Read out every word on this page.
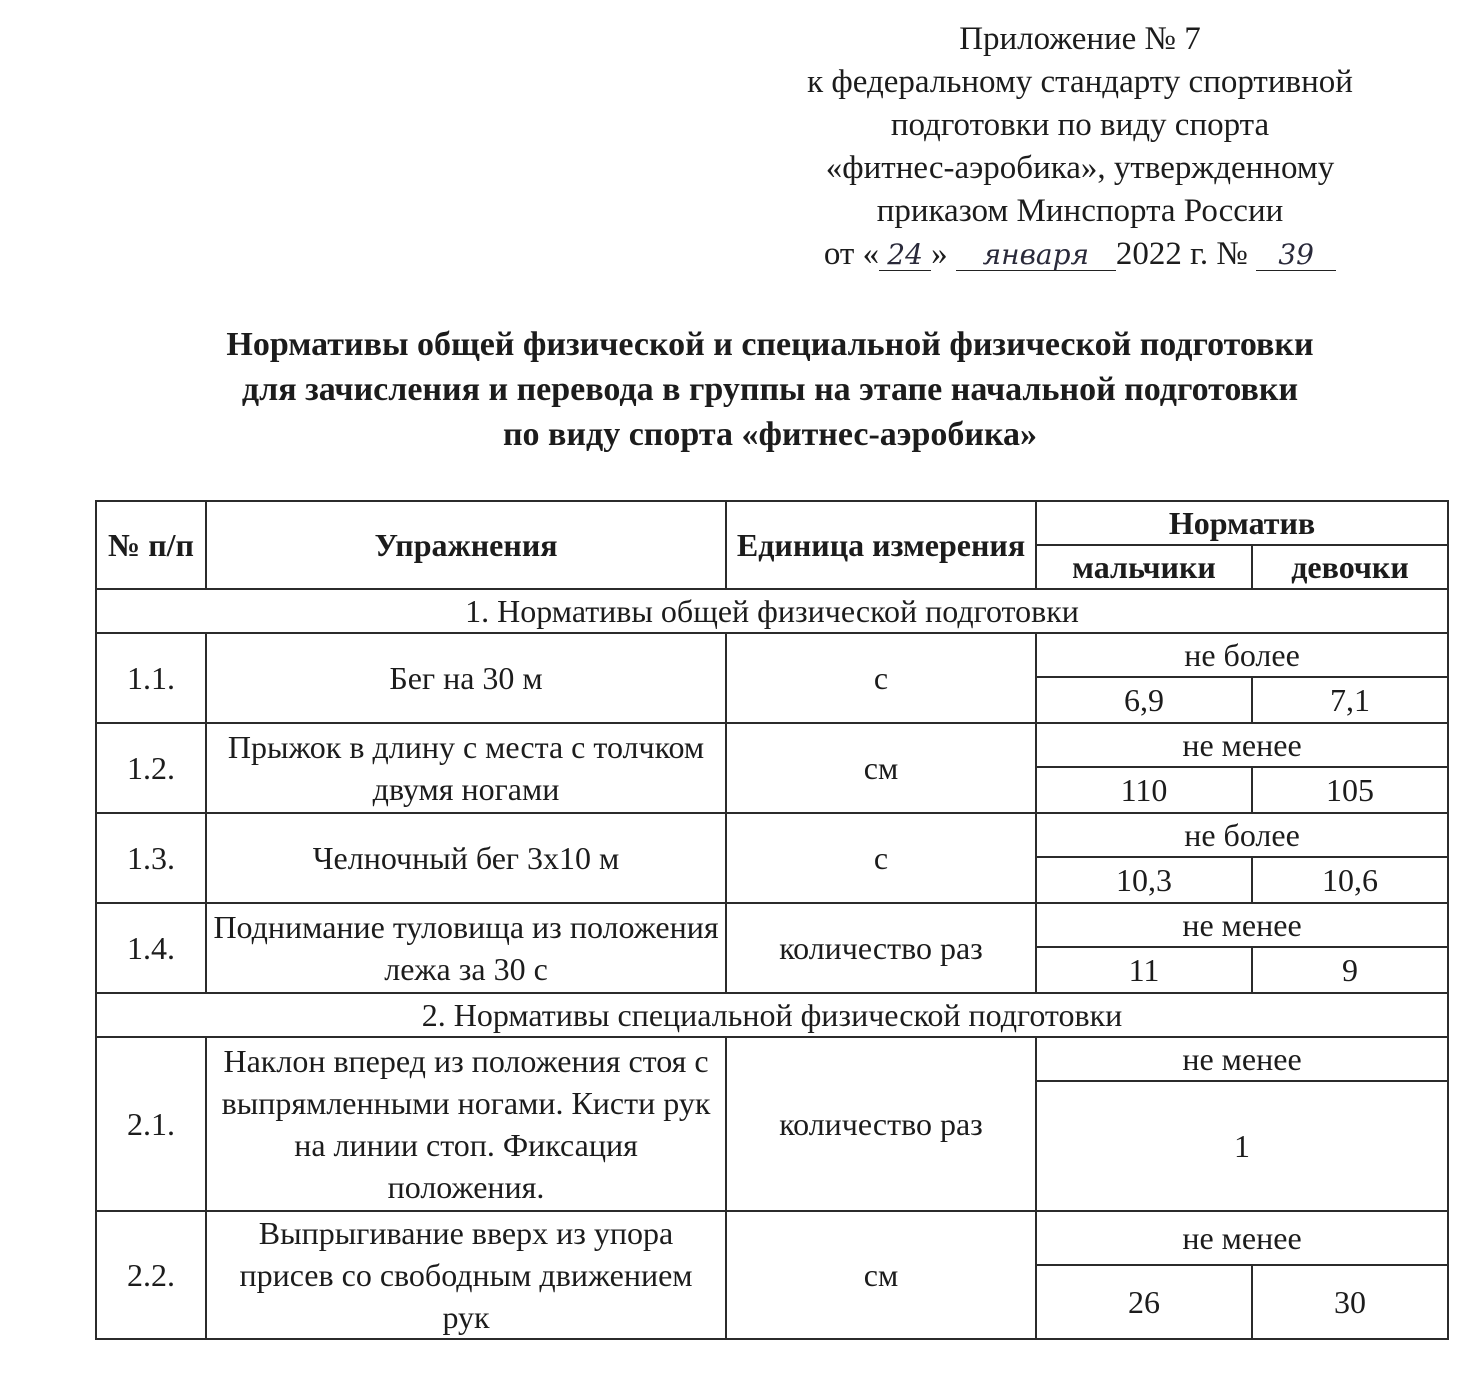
Приложение № 7
к федеральному стандарту спортивной
подготовки по виду спорта
«фитнес-аэробика», утвержденному
приказом Минспорта России
от « 24 » января 2022 г. № 39
Нормативы общей физической и специальной физической подготовки
для зачисления и перевода в группы на этапе начальной подготовки
по виду спорта «фитнес-аэробика»
№ п/п	Упражнения	Единица измерения	Норматив	
			мальчики	девочки
1. Нормативы общей физической подготовки				
1.1.	Бег на 30 м	с	не более	
			6,9	7,1
1.2.	Прыжок в длину с места с толчком двумя ногами	см	не менее	
			110	105
1.3.	Челночный бег 3х10 м	с	не более	
			10,3	10,6
1.4.	Поднимание туловища из положения лежа за 30 с	количество раз	не менее	
			11	9
2. Нормативы специальной физической подготовки				
2.1.	Наклон вперед из положения стоя с выпрямленными ногами. Кисти рук на линии стоп. Фиксация положения.	количество раз	не менее	
			1	
2.2.	Выпрыгивание вверх из упора присев со свободным движением рук	см	не менее	
			26	30
